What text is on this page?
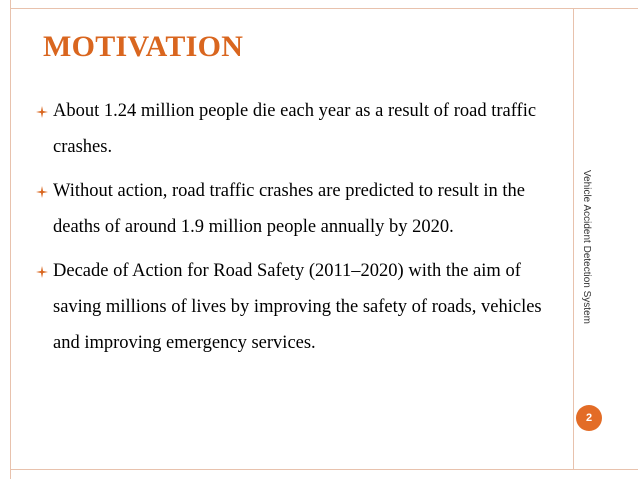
MOTIVATION
About 1.24 million people die each year as a result of road traffic crashes.
Without action, road traffic crashes are predicted to result in the deaths of around 1.9 million people annually by 2020.
Decade of Action for Road Safety (2011–2020) with the aim of saving millions of lives by improving the safety of roads, vehicles and improving emergency services.
Vehicle Accident Detection System
2
